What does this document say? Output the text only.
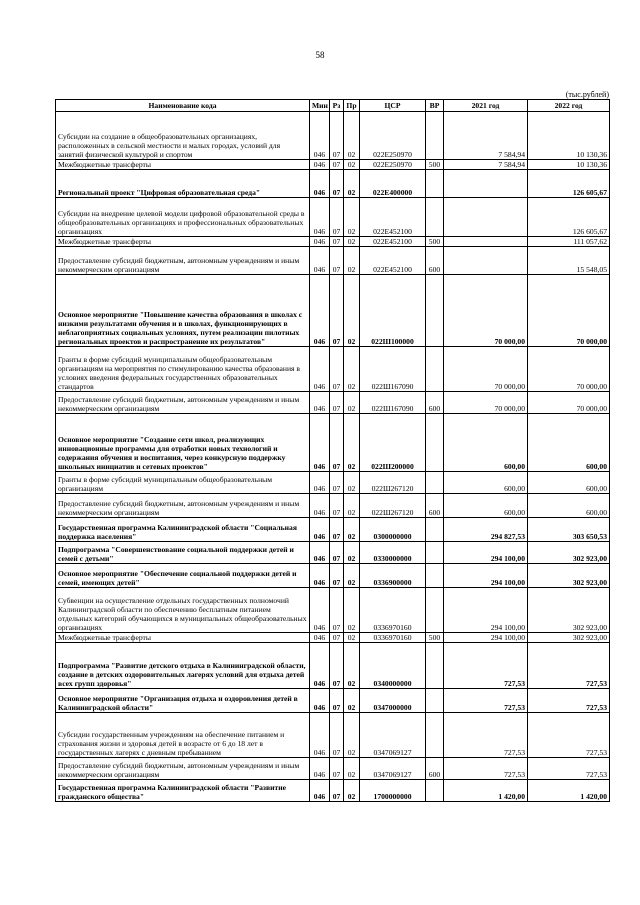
58
(тыс.рублей)
Наименование кода	Мин	Рз	Пр	ЦСР	ВР	2021 год	2022 год
Субсидии на создание в общеобразовательных организациях, расположенных в сельской местности и малых городах, условий для занятий физической культурой и спортом	046	07	02	022E250970		7 584,94	10 130,36
Межбюджетные трансферты	046	07	02	022E250970	500	7 584,94	10 130,36
Региональный проект "Цифровая образовательная среда"	046	07	02	022E400000			126 605,67
Субсидии на внедрение целевой модели цифровой образовательной среды в общеобразовательных организациях и профессиональных образовательных организациях	046	07	02	022E452100			126 605,67
Межбюджетные трансферты	046	07	02	022E452100	500		111 057,62
Предоставление субсидий бюджетным, автономным учреждениям и иным некоммерческим организациям	046	07	02	022E452100	600		15 548,05
Основное мероприятие "Повышение качества образования в школах с низкими результатами обучения и в школах, функционирующих в неблагоприятных социальных условиях, путем реализации пилотных региональных проектов и распространение их результатов"	046	07	02	022Ш100000		70 000,00	70 000,00
Гранты в форме субсидий муниципальным общеобразовательным организациям на мероприятия по стимулированию качества образования в условиях введения федеральных государственных образовательных стандартов	046	07	02	022Ш167090		70 000,00	70 000,00
Предоставление субсидий бюджетным, автономным учреждениям и иным некоммерческим организациям	046	07	02	022Ш167090	600	70 000,00	70 000,00
Основное мероприятие "Создание сети школ, реализующих инновационные программы для отработки новых технологий и содержания обучения и воспитания, через конкурсную поддержку школьных инициатив и сетевых проектов"	046	07	02	022Ш200000		600,00	600,00
Гранты в форме субсидий муниципальным общеобразовательным организациям	046	07	02	022Ш267120		600,00	600,00
Предоставление субсидий бюджетным, автономным учреждениям и иным некоммерческим организациям	046	07	02	022Ш267120	600	600,00	600,00
Государственная программа Калининградской области "Социальная поддержка населения"	046	07	02	0300000000		294 827,53	303 650,53
Подпрограмма "Совершенствование социальной поддержки детей и семей с детьми"	046	07	02	0330000000		294 100,00	302 923,00
Основное мероприятие "Обеспечение социальной поддержки детей и семей, имеющих детей"	046	07	02	0336900000		294 100,00	302 923,00
Субвенции на осуществление отдельных государственных полномочий Калининградской области по обеспечению бесплатным питанием отдельных категорий обучающихся в муниципальных общеобразовательных организациях	046	07	02	0336970160		294 100,00	302 923,00
Межбюджетные трансферты	046	07	02	0336970160	500	294 100,00	302 923,00
Подпрограмма "Развитие детского отдыха в Калининградской области, создание в детских оздоровительных лагерях условий для отдыха детей всех групп здоровья"	046	07	02	0340000000		727,53	727,53
Основное мероприятие "Организация отдыха и оздоровления детей в Калининградской области"	046	07	02	0347000000		727,53	727,53
Субсидии государственным учреждениям на обеспечение питанием и страхования жизни и здоровья детей в возрасте от 6 до 18 лет в государственных лагерях с дневным пребыванием	046	07	02	0347069127		727,53	727,53
Предоставление субсидий бюджетным, автономным учреждениям и иным некоммерческим организациям	046	07	02	0347069127	600	727,53	727,53
Государственная программа Калининградской области "Развитие гражданского общества"	046	07	02	1700000000		1 420,00	1 420,00
